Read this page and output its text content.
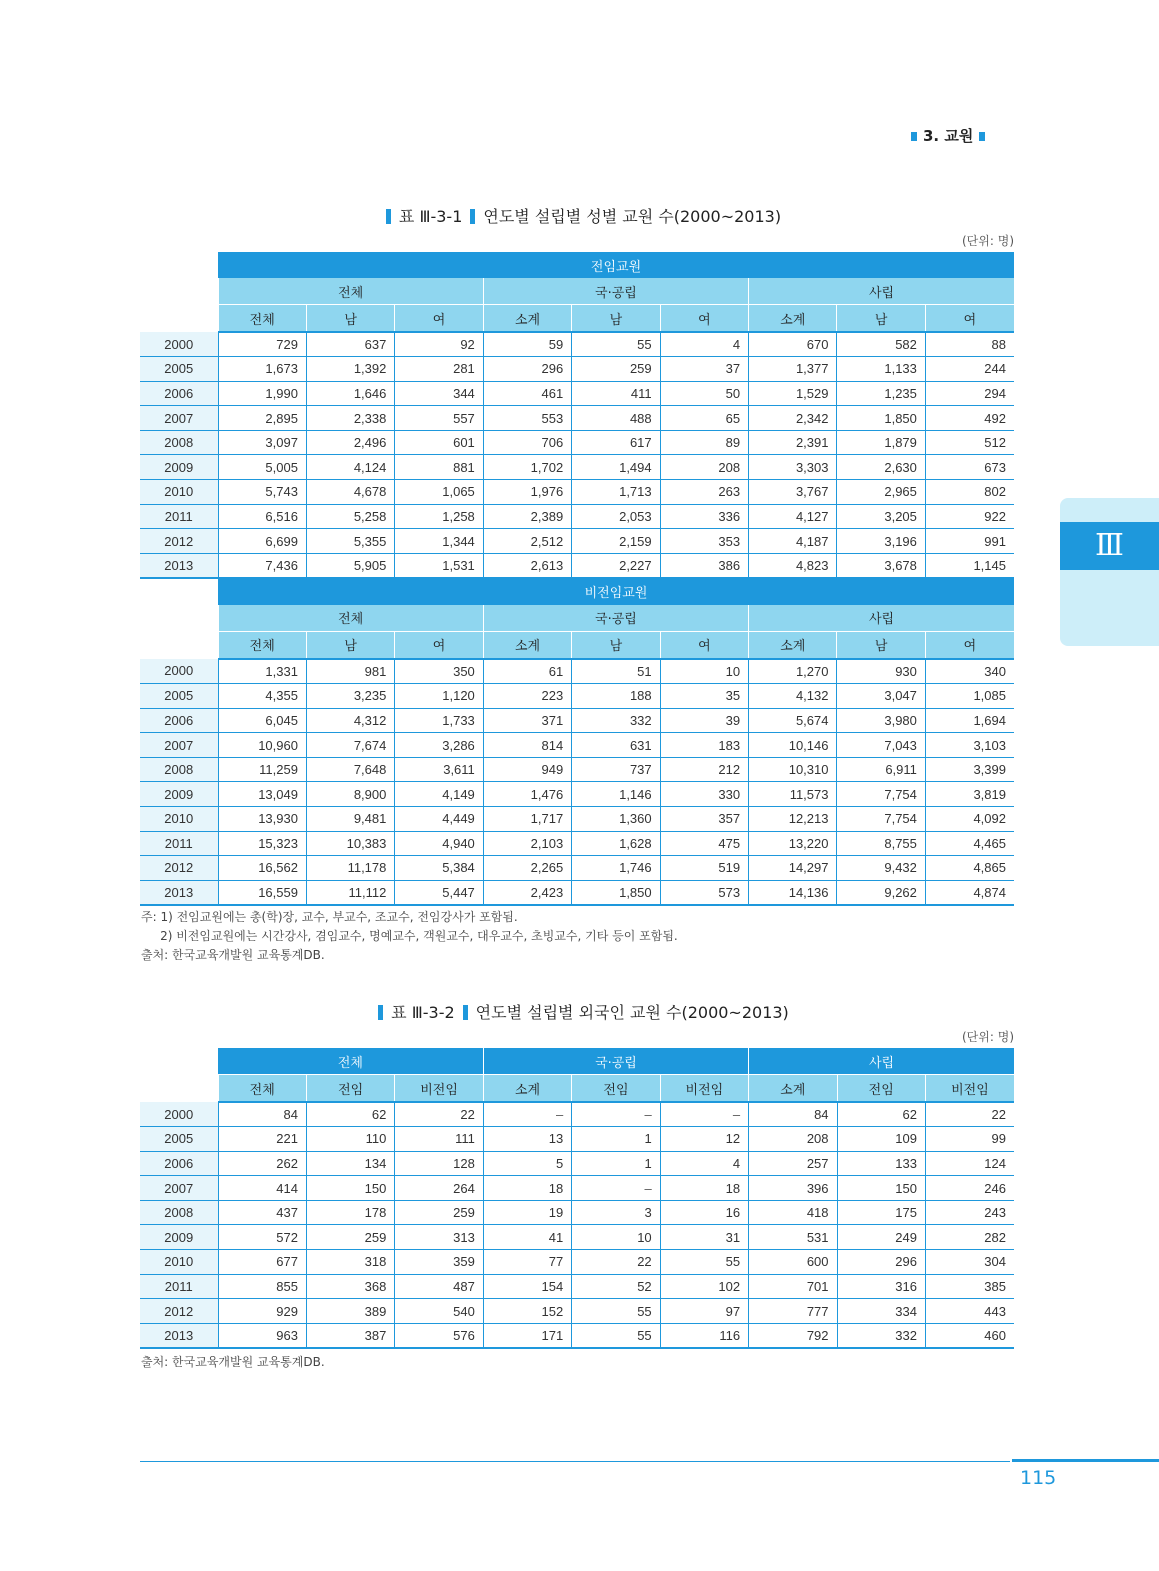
3. 교원
Ⅲ
표 Ⅲ-3-1 연도별 설립별 성별 교원 수(2000~2013)
(단위: 명)
	전임교원								
	전체			국·공립			사립		
	전체	남	여	소계	남	여	소계	남	여
2000	729	637	92	59	55	4	670	582	88
2005	1,673	1,392	281	296	259	37	1,377	1,133	244
2006	1,990	1,646	344	461	411	50	1,529	1,235	294
2007	2,895	2,338	557	553	488	65	2,342	1,850	492
2008	3,097	2,496	601	706	617	89	2,391	1,879	512
2009	5,005	4,124	881	1,702	1,494	208	3,303	2,630	673
2010	5,743	4,678	1,065	1,976	1,713	263	3,767	2,965	802
2011	6,516	5,258	1,258	2,389	2,053	336	4,127	3,205	922
2012	6,699	5,355	1,344	2,512	2,159	353	4,187	3,196	991
2013	7,436	5,905	1,531	2,613	2,227	386	4,823	3,678	1,145
	비전임교원								
	전체			국·공립			사립		
	전체	남	여	소계	남	여	소계	남	여
2000	1,331	981	350	61	51	10	1,270	930	340
2005	4,355	3,235	1,120	223	188	35	4,132	3,047	1,085
2006	6,045	4,312	1,733	371	332	39	5,674	3,980	1,694
2007	10,960	7,674	3,286	814	631	183	10,146	7,043	3,103
2008	11,259	7,648	3,611	949	737	212	10,310	6,911	3,399
2009	13,049	8,900	4,149	1,476	1,146	330	11,573	7,754	3,819
2010	13,930	9,481	4,449	1,717	1,360	357	12,213	7,754	4,092
2011	15,323	10,383	4,940	2,103	1,628	475	13,220	8,755	4,465
2012	16,562	11,178	5,384	2,265	1,746	519	14,297	9,432	4,865
2013	16,559	11,112	5,447	2,423	1,850	573	14,136	9,262	4,874
주: 1) 전임교원에는 총(학)장, 교수, 부교수, 조교수, 전임강사가 포함됨.
2) 비전임교원에는 시간강사, 겸임교수, 명예교수, 객원교수, 대우교수, 초빙교수, 기타 등이 포함됨.
출처: 한국교육개발원 교육통계DB.
표 Ⅲ-3-2 연도별 설립별 외국인 교원 수(2000~2013)
(단위: 명)
	전체			국·공립			사립		
	전체	전임	비전임	소계	전임	비전임	소계	전임	비전임
2000	84	62	22	–	–	–	84	62	22
2005	221	110	111	13	1	12	208	109	99
2006	262	134	128	5	1	4	257	133	124
2007	414	150	264	18	–	18	396	150	246
2008	437	178	259	19	3	16	418	175	243
2009	572	259	313	41	10	31	531	249	282
2010	677	318	359	77	22	55	600	296	304
2011	855	368	487	154	52	102	701	316	385
2012	929	389	540	152	55	97	777	334	443
2013	963	387	576	171	55	116	792	332	460
출처: 한국교육개발원 교육통계DB.
115
